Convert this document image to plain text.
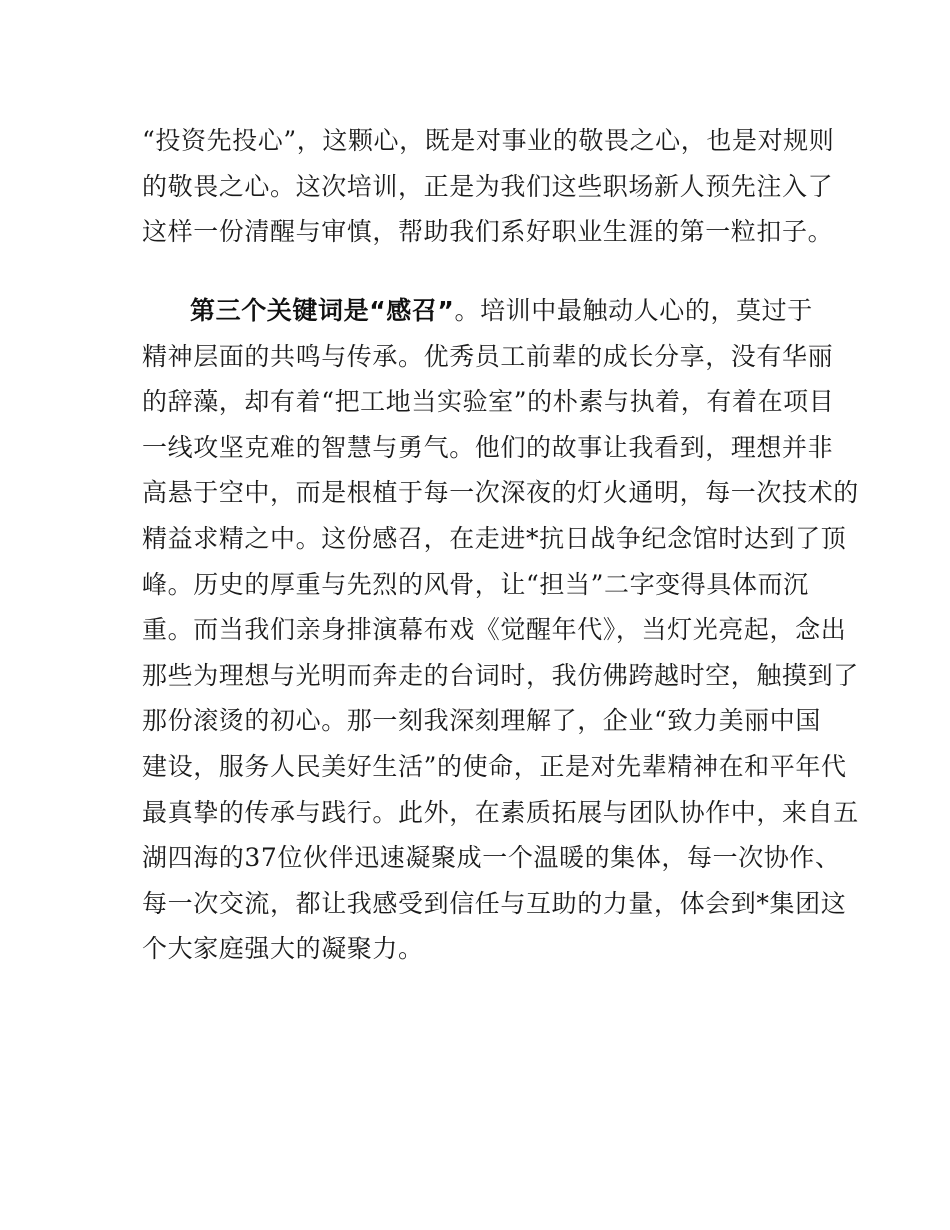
“投资先投心”，这颗心，既是对事业的敬畏之心，也是对规则
的敬畏之心。这次培训，正是为我们这些职场新人预先注入了
这样一份清醒与审慎，帮助我们系好职业生涯的第一粒扣子。
第三个关键词是“感召”。培训中最触动人心的，莫过于
精神层面的共鸣与传承。优秀员工前辈的成长分享，没有华丽
的辞藻，却有着“把工地当实验室”的朴素与执着，有着在项目
一线攻坚克难的智慧与勇气。他们的故事让我看到，理想并非
高悬于空中，而是根植于每一次深夜的灯火通明，每一次技术的
精益求精之中。这份感召，在走进*抗日战争纪念馆时达到了顶
峰。历史的厚重与先烈的风骨，让“担当”二字变得具体而沉
重。而当我们亲身排演幕布戏《觉醒年代》，当灯光亮起，念出
那些为理想与光明而奔走的台词时，我仿佛跨越时空，触摸到了
那份滚烫的初心。那一刻我深刻理解了，企业“致力美丽中国
建设，服务人民美好生活”的使命，正是对先辈精神在和平年代
最真挚的传承与践行。此外，在素质拓展与团队协作中，来自五
湖四海的37位伙伴迅速凝聚成一个温暖的集体，每一次协作、
每一次交流，都让我感受到信任与互助的力量，体会到*集团这
个大家庭强大的凝聚力。
